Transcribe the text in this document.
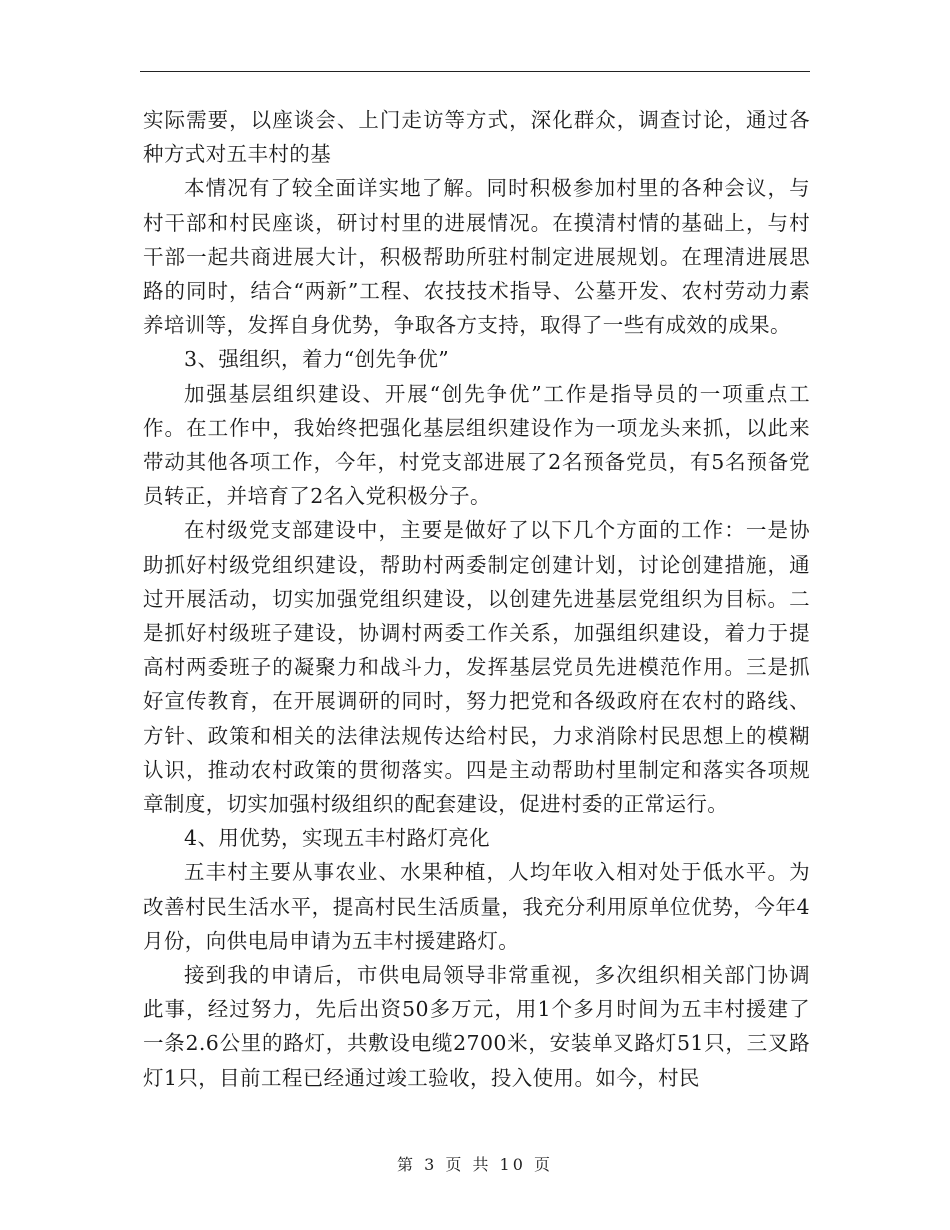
实际需要，以座谈会、上门走访等方式，深化群众，调查讨论，通过各种方式对五丰村的基

本情况有了较全面详实地了解。同时积极参加村里的各种会议，与村干部和村民座谈，研讨村里的进展情况。在摸清村情的基础上，与村干部一起共商进展大计，积极帮助所驻村制定进展规划。在理清进展思路的同时，结合“两新”工程、农技技术指导、公墓开发、农村劳动力素养培训等，发挥自身优势，争取各方支持，取得了一些有成效的成果。

3、强组织，着力“创先争优”

加强基层组织建设、开展“创先争优”工作是指导员的一项重点工作。在工作中，我始终把强化基层组织建设作为一项龙头来抓，以此来带动其他各项工作，今年，村党支部进展了2名预备党员，有5名预备党员转正，并培育了2名入党积极分子。

在村级党支部建设中，主要是做好了以下几个方面的工作：一是协助抓好村级党组织建设，帮助村两委制定创建计划，讨论创建措施，通过开展活动，切实加强党组织建设，以创建先进基层党组织为目标。二是抓好村级班子建设，协调村两委工作关系，加强组织建设，着力于提高村两委班子的凝聚力和战斗力，发挥基层党员先进模范作用。三是抓好宣传教育，在开展调研的同时，努力把党和各级政府在农村的路线、方针、政策和相关的法律法规传达给村民，力求消除村民思想上的模糊认识，推动农村政策的贯彻落实。四是主动帮助村里制定和落实各项规章制度，切实加强村级组织的配套建设，促进村委的正常运行。

4、用优势，实现五丰村路灯亮化

五丰村主要从事农业、水果种植，人均年收入相对处于低水平。为改善村民生活水平，提高村民生活质量，我充分利用原单位优势，今年4月份，向供电局申请为五丰村援建路灯。

接到我的申请后，市供电局领导非常重视，多次组织相关部门协调此事，经过努力，先后出资50多万元，用1个多月时间为五丰村援建了一条2.6公里的路灯，共敷设电缆2700米，安装单叉路灯51只，三叉路灯1只，目前工程已经通过竣工验收，投入使用。如今，村民

第 3 页 共 10 页
